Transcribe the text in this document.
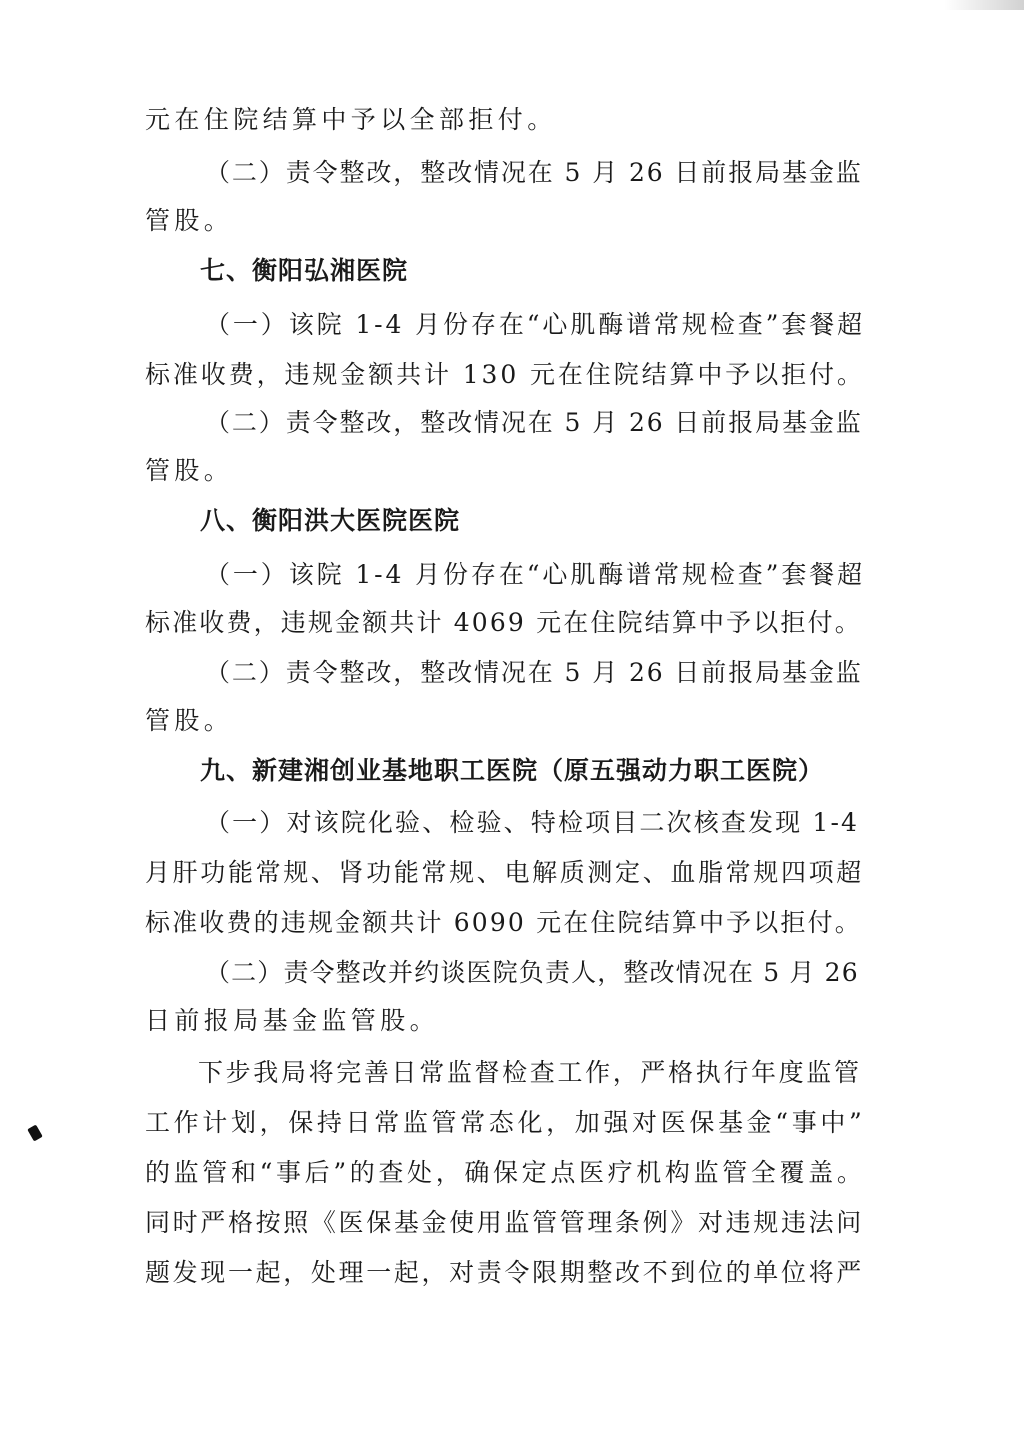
元在住院结算中予以全部拒付。
（二）责令整改，整改情况在 5 月 26 日前报局基金监
管股。
七、衡阳弘湘医院
（一）该院 1-4 月份存在“心肌酶谱常规检查”套餐超
标准收费，违规金额共计 130 元在住院结算中予以拒付。
（二）责令整改，整改情况在 5 月 26 日前报局基金监
管股。
八、衡阳洪大医院医院
（一）该院 1-4 月份存在“心肌酶谱常规检查”套餐超
标准收费，违规金额共计 4069 元在住院结算中予以拒付。
（二）责令整改，整改情况在 5 月 26 日前报局基金监
管股。
九、新建湘创业基地职工医院（原五强动力职工医院）
（一）对该院化验、检验、特检项目二次核查发现 1-4
月肝功能常规、肾功能常规、电解质测定、血脂常规四项超
标准收费的违规金额共计 6090 元在住院结算中予以拒付。
（二）责令整改并约谈医院负责人，整改情况在 5 月 26
日前报局基金监管股。
下步我局将完善日常监督检查工作，严格执行年度监管
工作计划，保持日常监管常态化，加强对医保基金“事中”
的监管和“事后”的查处，确保定点医疗机构监管全覆盖。
同时严格按照《医保基金使用监管管理条例》对违规违法问
题发现一起，处理一起，对责令限期整改不到位的单位将严
